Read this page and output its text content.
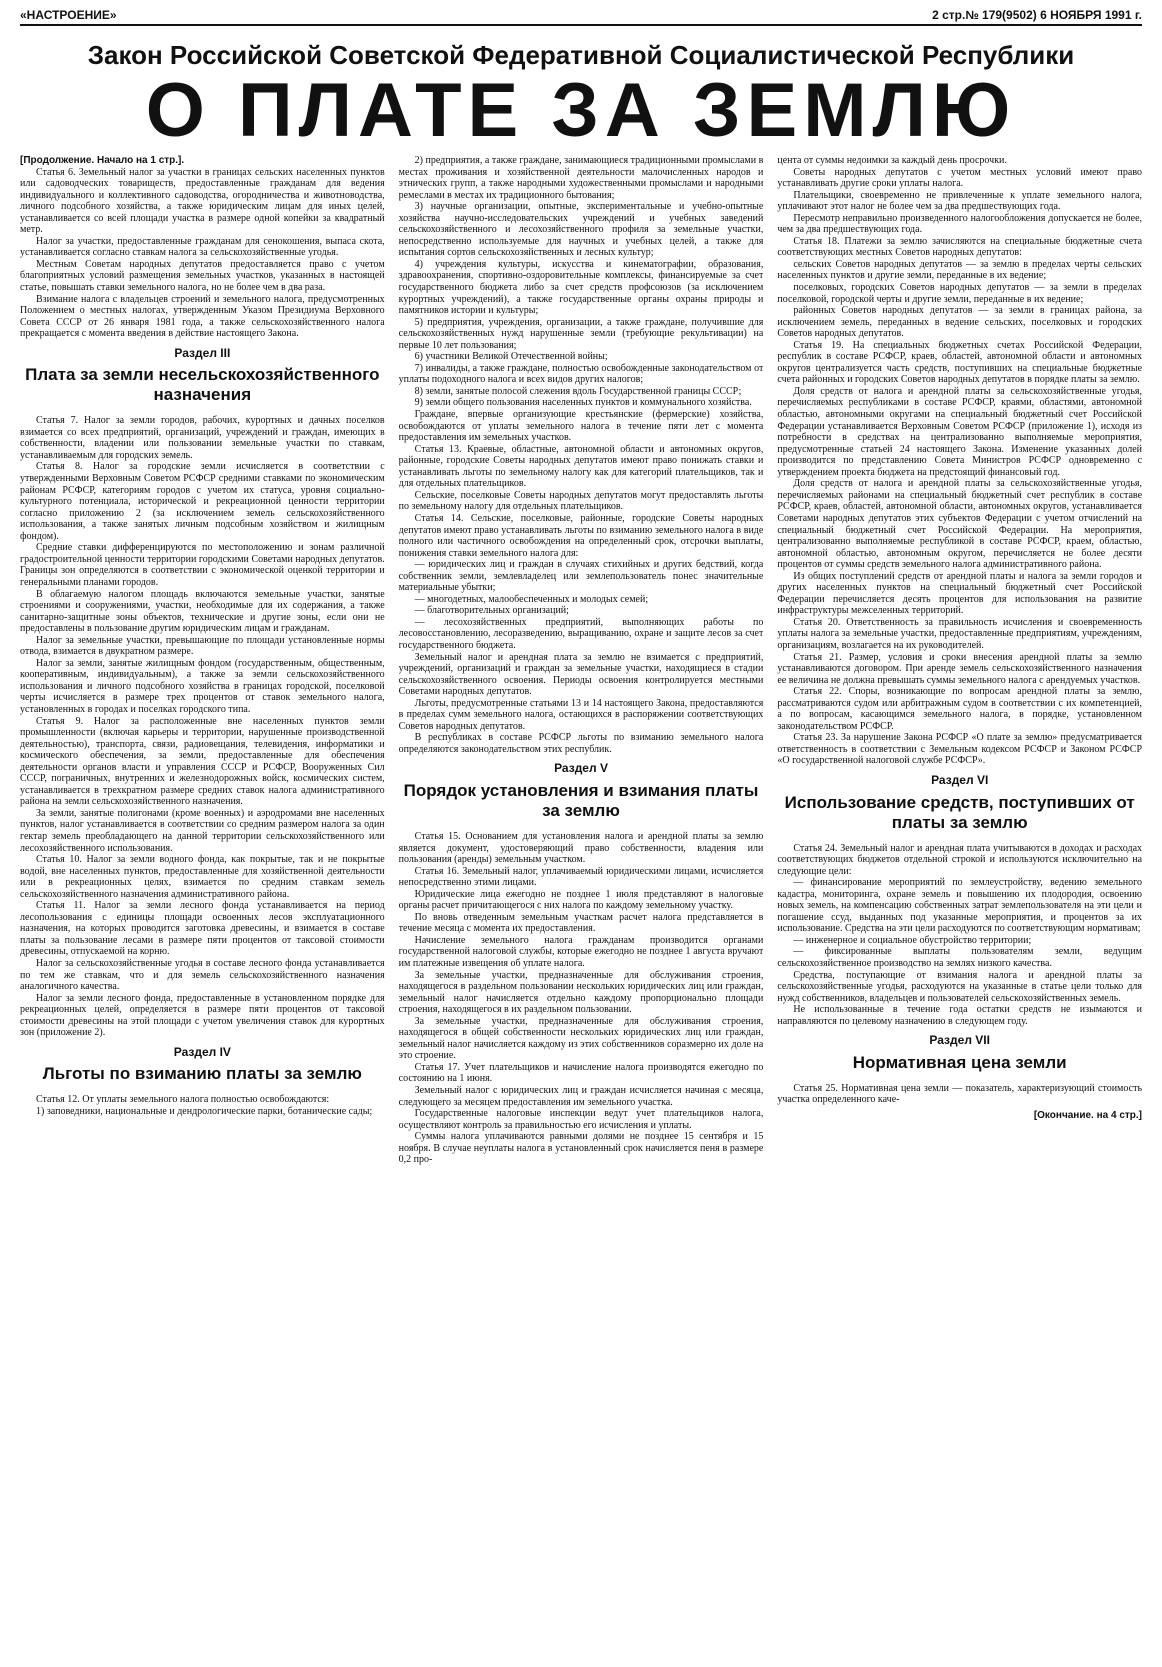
«НАСТРОЕНИЕ»	2 стр.№ 179(9502) 6 НОЯБРЯ 1991 г.
Закон Российской Советской Федеративной Социалистической Республики
О ПЛАТЕ ЗА ЗЕМЛЮ

[Продолжение. Начало на 1 стр.].

Статья 6. Земельный налог за участки в границах сельских населенных пунктов или садоводческих товариществ, предоставленные гражданам для ведения индивидуального и коллективного садоводства, огородничества и животноводства, личного подсобного хозяйства, а также юридическим лицам для иных целей, устанавливается со всей площади участка в размере одной копейки за квадратный метр.

Налог за участки, предоставленные гражданам для сенокошения, выпаса скота, устанавливается согласно ставкам налога за сельскохозяйственные угодья.

Местным Советам народных депутатов предоставляется право с учетом благоприятных условий размещения земельных участков, указанных в настоящей статье, повышать ставки земельного налога, но не более чем в два раза.

Взимание налога с владельцев строений и земельного налога, предусмотренных Положением о местных налогах, утвержденным Указом Президиума Верховного Совета СССР от 26 января 1981 года, а также сельскохозяйственного налога прекращается с момента введения в действие настоящего Закона.

Раздел III
Плата за земли несельскохозяйственного назначения

Статья 7. Налог за земли городов, рабочих, курортных и дачных поселков взимается со всех предприятий, организаций, учреждений и граждан, имеющих в собственности, владении или пользовании земельные участки по ставкам, устанавливаемым для городских земель.

Статья 8. Налог за городские земли исчисляется в соответствии с утвержденными Верховным Советом РСФСР средними ставками по экономическим районам РСФСР, категориям городов с учетом их статуса, уровня социально-культурного потенциала, исторической и рекреационной ценности территории согласно приложению 2 (за исключением земель сельскохозяйственного использования, а также занятых личным подсобным хозяйством и жилищным фондом).

Средние ставки дифференцируются по местоположению и зонам различной градостроительной ценности территории городскими Советами народных депутатов. Границы зон определяются в соответствии с экономической оценкой территории и генеральными планами городов.

В облагаемую налогом площадь включаются земельные участки, занятые строениями и сооружениями, участки, необходимые для их содержания, а также санитарно-защитные зоны объектов, технические и другие зоны, если они не предоставлены в пользование другим юридическим лицам и гражданам.

Налог за земельные участки, превышающие по площади установленные нормы отвода, взимается в двукратном размере.

Налог за земли, занятые жилищным фондом (государственным, общественным, кооперативным, индивидуальным), а также за земли сельскохозяйственного использования и личного подсобного хозяйства в границах городской, поселковой черты исчисляется в размере трех процентов от ставок земельного налога, установленных в городах и поселках городского типа.

Статья 9. Налог за расположенные вне населенных пунктов земли промышленности (включая карьеры и территории, нарушенные производственной деятельностью), транспорта, связи, радиовещания, телевидения, информатики и космического обеспечения, за земли, предоставленные для обеспечения деятельности органов власти и управления СССР и РСФСР, Вооруженных Сил СССР, пограничных, внутренних и железнодорожных войск, космических систем, устанавливается в трехкратном размере средних ставок налога административного района на земли сельскохозяйственного назначения.

За земли, занятые полигонами (кроме военных) и аэродромами вне населенных пунктов, налог устанавливается в соответствии со средним размером налога за один гектар земель преобладающего на данной территории сельскохозяйственного или лесохозяйственного использования.

Статья 10. Налог за земли водного фонда, как покрытые, так и не покрытые водой, вне населенных пунктов, предоставленные для хозяйственной деятельности или в рекреационных целях, взимается по средним ставкам земель сельскохозяйственного назначения административного района.

Статья 11. Налог за земли лесного фонда устанавливается на период лесопользования с единицы площади освоенных лесов эксплуатационного назначения, на которых проводится заготовка древесины, и взимается в составе платы за пользование лесами в размере пяти процентов от таксовой стоимости древесины, отпускаемой на корню.

Налог за сельскохозяйственные угодья в составе лесного фонда устанавливается по тем же ставкам, что и для земель сельскохозяйственного назначения аналогичного качества.

Налог за земли лесного фонда, предоставленные в установленном порядке для рекреационных целей, определяется в размере пяти процентов от таксовой стоимости древесины на этой площади с учетом увеличения ставок для курортных зон (приложение 2).

Раздел IV
Льготы по взиманию платы за землю

Статья 12. От уплаты земельного налога полностью освобождаются:

1) заповедники, национальные и дендрологические парки, ботанические сады;

2) предприятия, а также граждане, занимающиеся традиционными промыслами в местах проживания и хозяйственной деятельности малочисленных народов и этнических групп, а также народными художественными промыслами и народными ремеслами в местах их традиционного бытования;

3) научные организации, опытные, экспериментальные и учебно-опытные хозяйства научно-исследовательских учреждений и учебных заведений сельскохозяйственного и лесохозяйственного профиля за земельные участки, непосредственно используемые для научных и учебных целей, а также для испытания сортов сельскохозяйственных и лесных культур;

4) учреждения культуры, искусства и кинематографии, образования, здравоохранения, спортивно-оздоровительные комплексы, финансируемые за счет государственного бюджета либо за счет средств профсоюзов (за исключением курортных учреждений), а также государственные органы охраны природы и памятников истории и культуры;

5) предприятия, учреждения, организации, а также граждане, получившие для сельскохозяйственных нужд нарушенные земли (требующие рекультивации) на первые 10 лет пользования;

6) участники Великой Отечественной войны;

7) инвалиды, а также граждане, полностью освобожденные законодательством от уплаты подоходного налога и всех видов других налогов;

8) земли, занятые полосой слежения вдоль Государственной границы СССР;

9) земли общего пользования населенных пунктов и коммунального хозяйства.

Граждане, впервые организующие крестьянские (фермерские) хозяйства, освобождаются от уплаты земельного налога в течение пяти лет с момента предоставления им земельных участков.

Статья 13. Краевые, областные, автономной области и автономных округов, районные, городские Советы народных депутатов имеют право понижать ставки и устанавливать льготы по земельному налогу как для категорий плательщиков, так и для отдельных плательщиков.

Сельские, поселковые Советы народных депутатов могут предоставлять льготы по земельному налогу для отдельных плательщиков.

Статья 14. Сельские, поселковые, районные, городские Советы народных депутатов имеют право устанавливать льготы по взиманию земельного налога в виде полного или частичного освобождения на определенный срок, отсрочки выплаты, понижения ставки земельного налога для:

— юридических лиц и граждан в случаях стихийных и других бедствий, когда собственник земли, землевладелец или землепользователь понес значительные материальные убытки;

— многодетных, малообеспеченных и молодых семей;

— благотворительных организаций;

— лесохозяйственных предприятий, выполняющих работы по лесовосстановлению, лесоразведению, выращиванию, охране и защите лесов за счет государственного бюджета.

Земельный налог и арендная плата за землю не взимается с предприятий, учреждений, организаций и граждан за земельные участки, находящиеся в стадии сельскохозяйственного освоения. Периоды освоения контролируется местными Советами народных депутатов.

Льготы, предусмотренные статьями 13 и 14 настоящего Закона, предоставляются в пределах сумм земельного налога, остающихся в распоряжении соответствующих Советов народных депутатов.

В республиках в составе РСФСР льготы по взиманию земельного налога определяются законодательством этих республик.

Раздел V
Порядок установления и взимания платы за землю

Статья 15. Основанием для установления налога и арендной платы за землю является документ, удостоверяющий право собственности, владения или пользования (аренды) земельным участком.

Статья 16. Земельный налог, уплачиваемый юридическими лицами, исчисляется непосредственно этими лицами.

Юридические лица ежегодно не позднее 1 июля представляют в налоговые органы расчет причитающегося с них налога по каждому земельному участку.

По вновь отведенным земельным участкам расчет налога представляется в течение месяца с момента их предоставления.

Начисление земельного налога гражданам производится органами государственной налоговой службы, которые ежегодно не позднее 1 августа вручают им платежные извещения об уплате налога.

За земельные участки, предназначенные для обслуживания строения, находящегося в раздельном пользовании нескольких юридических лиц или граждан, земельный налог начисляется отдельно каждому пропорционально площади строения, находящегося в их раздельном пользовании.

За земельные участки, предназначенные для обслуживания строения, находящегося в общей собственности нескольких юридических лиц или граждан, земельный налог начисляется каждому из этих собственников соразмерно их доле на это строение.

Статья 17. Учет плательщиков и начисление налога производятся ежегодно по состоянию на 1 июня.

Земельный налог с юридических лиц и граждан исчисляется начиная с месяца, следующего за месяцем предоставления им земельного участка.

Государственные налоговые инспекции ведут учет плательщиков налога, осуществляют контроль за правильностью его исчисления и уплаты.

Суммы налога уплачиваются равными долями не позднее 15 сентября и 15 ноября. В случае неуплаты налога в установленный срок начисляется пеня в размере 0,2 про-

цента от суммы недоимки за каждый день просрочки.

Советы народных депутатов с учетом местных условий имеют право устанавливать другие сроки уплаты налога.

Плательщики, своевременно не привлеченные к уплате земельного налога, уплачивают этот налог не более чем за два предшествующих года.

Пересмотр неправильно произведенного налогообложения допускается не более, чем за два предшествующих года.

Статья 18. Платежи за землю зачисляются на специальные бюджетные счета соответствующих местных Советов народных депутатов:

сельских Советов народных депутатов — за землю в пределах черты сельских населенных пунктов и другие земли, переданные в их ведение;

поселковых, городских Советов народных депутатов — за земли в пределах поселковой, городской черты и другие земли, переданные в их ведение;

районных Советов народных депутатов — за земли в границах района, за исключением земель, переданных в ведение сельских, поселковых и городских Советов народных депутатов.

Статья 19. На специальных бюджетных счетах Российской Федерации, республик в составе РСФСР, краев, областей, автономной области и автономных округов централизуется часть средств, поступивших на специальные бюджетные счета районных и городских Советов народных депутатов в порядке платы за землю.

Доля средств от налога и арендной платы за сельскохозяйственные угодья, перечисляемых республиками в составе РСФСР, краями, областями, автономной областью, автономными округами на специальный бюджетный счет Российской Федерации устанавливается Верховным Советом РСФСР (приложение 1), исходя из потребности в средствах на централизованно выполняемые мероприятия, предусмотренные статьей 24 настоящего Закона. Изменение указанных долей производится по представлению Совета Министров РСФСР одновременно с утверждением проекта бюджета на предстоящий финансовый год.

Доля средств от налога и арендной платы за сельскохозяйственные угодья, перечисляемых районами на специальный бюджетный счет республик в составе РСФСР, краев, областей, автономной области, автономных округов, устанавливается Советами народных депутатов этих субъектов Федерации с учетом отчислений на специальный бюджетный счет Российской Федерации. На мероприятия, централизованно выполняемые республикой в составе РСФСР, краем, областью, автономной областью, автономным округом, перечисляется не более десяти процентов от суммы средств земельного налога административного района.

Из общих поступлений средств от арендной платы и налога за земли городов и других населенных пунктов на специальный бюджетный счет Российской Федерации перечисляется десять процентов для использования на развитие инфраструктуры межселенных территорий.

Статья 20. Ответственность за правильность исчисления и своевременность уплаты налога за земельные участки, предоставленные предприятиям, учреждениям, организациям, возлагается на их руководителей.

Статья 21. Размер, условия и сроки внесения арендной платы за землю устанавливаются договором. При аренде земель сельскохозяйственного назначения ее величина не должна превышать суммы земельного налога с арендуемых участков.

Статья 22. Споры, возникающие по вопросам арендной платы за землю, рассматриваются судом или арбитражным судом в соответствии с их компетенцией, а по вопросам, касающимся земельного налога, в порядке, установленном законодательством РСФСР.

Статья 23. За нарушение Закона РСФСР «О плате за землю» предусматривается ответственность в соответствии с Земельным кодексом РСФСР и Законом РСФСР «О государственной налоговой службе РСФСР».

Раздел VI
Использование средств, поступивших от платы за землю

Статья 24. Земельный налог и арендная плата учитываются в доходах и расходах соответствующих бюджетов отдельной строкой и используются исключительно на следующие цели:

— финансирование мероприятий по землеустройству, ведению земельного кадастра, мониторинга, охране земель и повышению их плодородия, освоению новых земель, на компенсацию собственных затрат землепользователя на эти цели и погашение ссуд, выданных под указанные мероприятия, и процентов за их использование. Средства на эти цели расходуются по соответствующим нормативам;

— инженерное и социальное обустройство территории;

— фиксированные выплаты пользователям земли, ведущим сельскохозяйственное производство на землях низкого качества.

Средства, поступающие от взимания налога и арендной платы за сельскохозяйственные угодья, расходуются на указанные в статье цели только для нужд собственников, владельцев и пользователей сельскохозяйственных земель.

Не использованные в течение года остатки средств не изымаются и направляются по целевому назначению в следующем году.

Раздел VII
Нормативная цена земли

Статья 25. Нормативная цена земли — показатель, характеризующий стоимость участка определенного каче-

[Окончание. на 4 стр.]
